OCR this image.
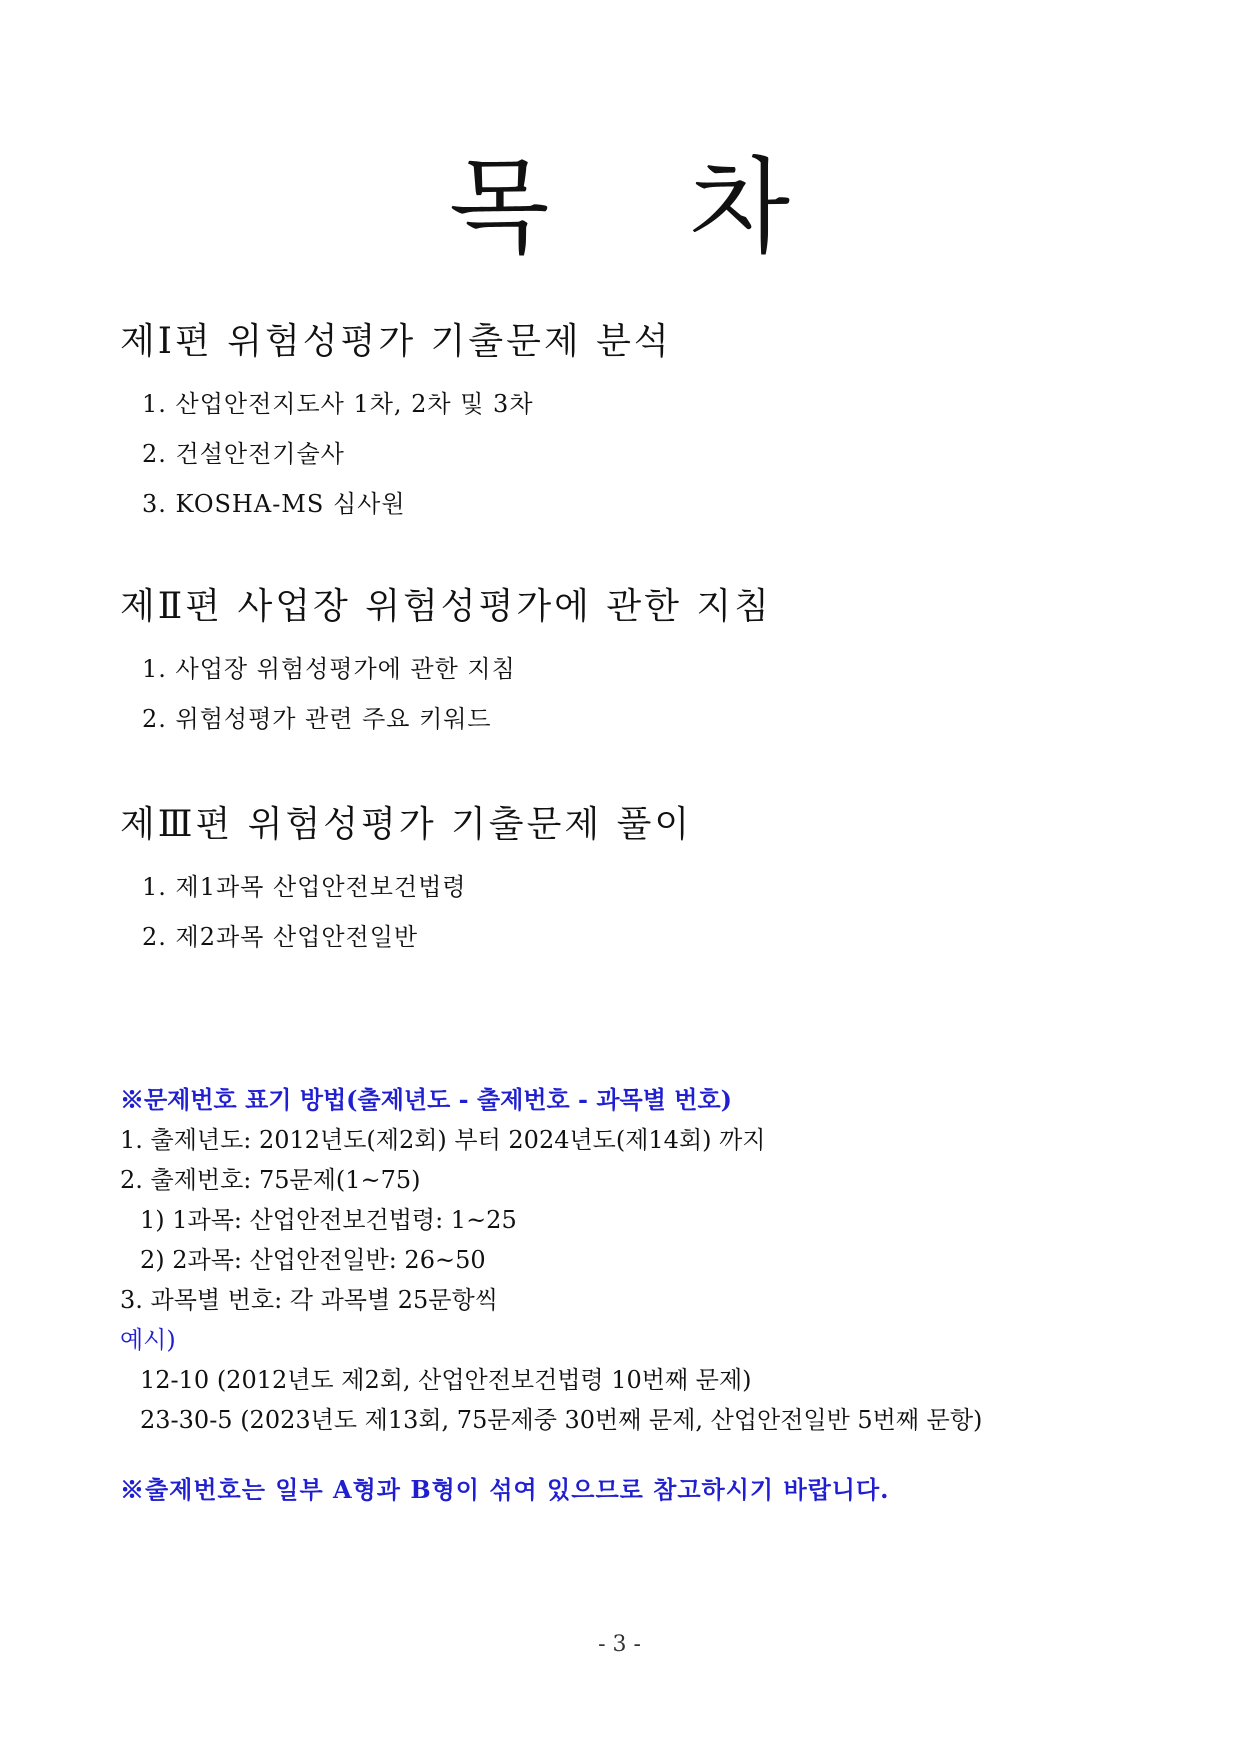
목 차
제Ⅰ편 위험성평가 기출문제 분석
1. 산업안전지도사 1차, 2차 및 3차
2. 건설안전기술사
3. KOSHA-MS 심사원
제Ⅱ편 사업장 위험성평가에 관한 지침
1. 사업장 위험성평가에 관한 지침
2. 위험성평가 관련 주요 키워드
제Ⅲ편 위험성평가 기출문제 풀이
1. 제1과목 산업안전보건법령
2. 제2과목 산업안전일반
※문제번호 표기 방법(출제년도 - 출제번호 - 과목별 번호)
1. 출제년도: 2012년도(제2회) 부터 2024년도(제14회) 까지
2. 출제번호: 75문제(1~75)
1) 1과목: 산업안전보건법령: 1~25
2) 2과목: 산업안전일반: 26~50
3. 과목별 번호: 각 과목별 25문항씩
예시)
12-10 (2012년도 제2회, 산업안전보건법령 10번째 문제)
23-30-5 (2023년도 제13회, 75문제중 30번째 문제, 산업안전일반 5번째 문항)
※출제번호는 일부 A형과 B형이 섞여 있으므로 참고하시기 바랍니다.
- 3 -
